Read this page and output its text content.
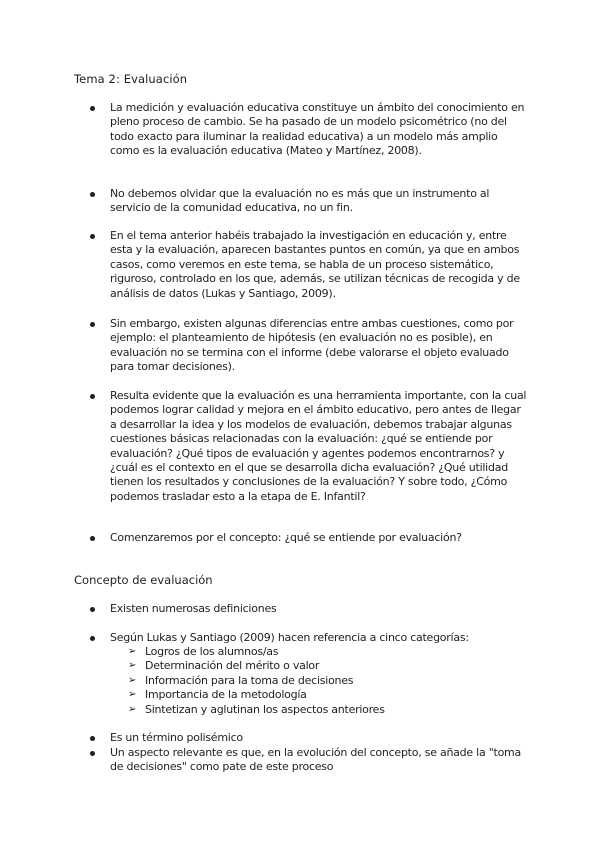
Tema 2: Evaluación
La medición y evaluación educativa constituye un ámbito del conocimiento en pleno proceso de cambio. Se ha pasado de un modelo psicométrico (no del todo exacto para iluminar la realidad educativa) a un modelo más amplio como es la evaluación educativa (Mateo y Martínez, 2008).
No debemos olvidar que la evaluación no es más que un instrumento al servicio de la comunidad educativa, no un fin.
En el tema anterior habéis trabajado la investigación en educación y, entre esta y la evaluación, aparecen bastantes puntos en común, ya que en ambos casos, como veremos en este tema, se habla de un proceso sistemático, riguroso, controlado en los que, además, se utilizan técnicas de recogida y de análisis de datos (Lukas y Santiago, 2009).
Sin embargo, existen algunas diferencias entre ambas cuestiones, como por ejemplo: el planteamiento de hipótesis (en evaluación no es posible), en evaluación no se termina con el informe (debe valorarse el objeto evaluado para tomar decisiones).
Resulta evidente que la evaluación es una herramienta importante, con la cual podemos lograr calidad y mejora en el ámbito educativo, pero antes de llegar a desarrollar la idea y los modelos de evaluación, debemos trabajar algunas cuestiones básicas relacionadas con la evaluación: ¿qué se entiende por evaluación? ¿Qué tipos de evaluación y agentes podemos encontrarnos? y ¿cuál es el contexto en el que se desarrolla dicha evaluación? ¿Qué utilidad tienen los resultados y conclusiones de la evaluación? Y sobre todo, ¿Cómo podemos trasladar esto a la etapa de E. Infantil?
Comenzaremos por el concepto: ¿qué se entiende por evaluación?
Concepto de evaluación
Existen numerosas definiciones
Según Lukas y Santiago (2009) hacen referencia a cinco categorías:
➢ Logros de los alumnos/as
➢ Determinación del mérito o valor
➢ Información para la toma de decisiones
➢ Importancia de la metodología
➢ Sintetizan y aglutinan los aspectos anteriores
Es un término polisémico
Un aspecto relevante es que, en la evolución del concepto, se añade la "toma de decisiones" como pate de este proceso
